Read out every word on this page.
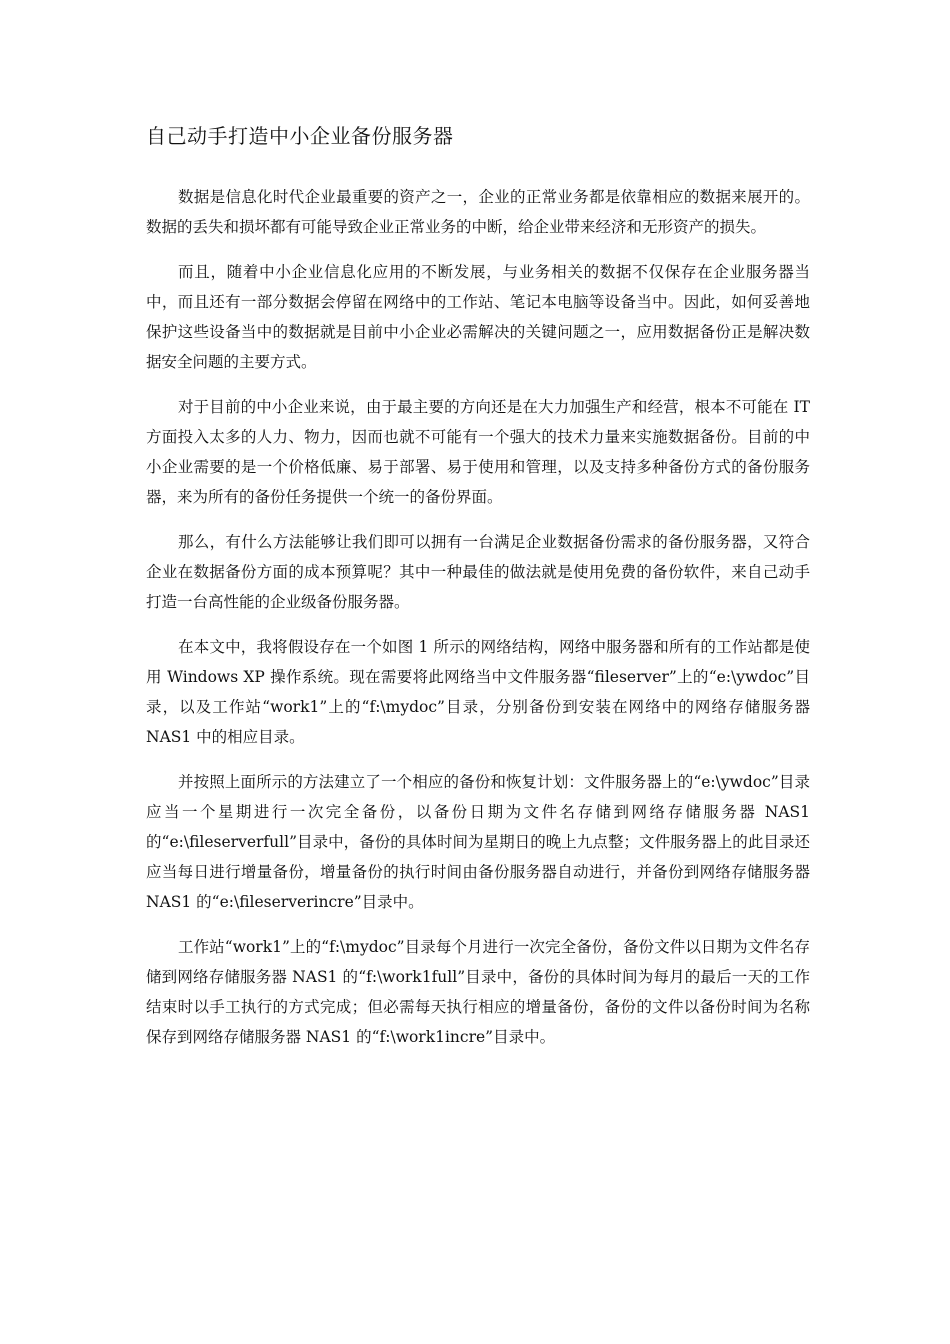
自己动手打造中小企业备份服务器

数据是信息化时代企业最重要的资产之一，企业的正常业务都是依靠相应的数据来展开的。数据的丢失和损坏都有可能导致企业正常业务的中断，给企业带来经济和无形资产的损失。

而且，随着中小企业信息化应用的不断发展，与业务相关的数据不仅保存在企业服务器当中，而且还有一部分数据会停留在网络中的工作站、笔记本电脑等设备当中。因此，如何妥善地保护这些设备当中的数据就是目前中小企业必需解决的关键问题之一，应用数据备份正是解决数据安全问题的主要方式。

对于目前的中小企业来说，由于最主要的方向还是在大力加强生产和经营，根本不可能在 IT 方面投入太多的人力、物力，因而也就不可能有一个强大的技术力量来实施数据备份。目前的中小企业需要的是一个价格低廉、易于部署、易于使用和管理，以及支持多种备份方式的备份服务器，来为所有的备份任务提供一个统一的备份界面。

那么，有什么方法能够让我们即可以拥有一台满足企业数据备份需求的备份服务器，又符合企业在数据备份方面的成本预算呢？其中一种最佳的做法就是使用免费的备份软件，来自己动手打造一台高性能的企业级备份服务器。

在本文中，我将假设存在一个如图 1 所示的网络结构，网络中服务器和所有的工作站都是使用 Windows XP 操作系统。现在需要将此网络当中文件服务器“fileserver”上的“e:\ywdoc”目录，以及工作站“work1”上的“f:\mydoc”目录，分别备份到安装在网络中的网络存储服务器 NAS1 中的相应目录。

并按照上面所示的方法建立了一个相应的备份和恢复计划：文件服务器上的“e:\ywdoc”目录应当一个星期进行一次完全备份，以备份日期为文件名存储到网络存储服务器 NAS1 的“e:\fileserverfull”目录中，备份的具体时间为星期日的晚上九点整；文件服务器上的此目录还应当每日进行增量备份，增量备份的执行时间由备份服务器自动进行，并备份到网络存储服务器 NAS1 的“e:\fileserverincre”目录中。

工作站“work1”上的“f:\mydoc”目录每个月进行一次完全备份，备份文件以日期为文件名存储到网络存储服务器 NAS1 的“f:\work1full”目录中，备份的具体时间为每月的最后一天的工作结束时以手工执行的方式完成；但必需每天执行相应的增量备份，备份的文件以备份时间为名称保存到网络存储服务器 NAS1 的“f:\work1incre”目录中。
